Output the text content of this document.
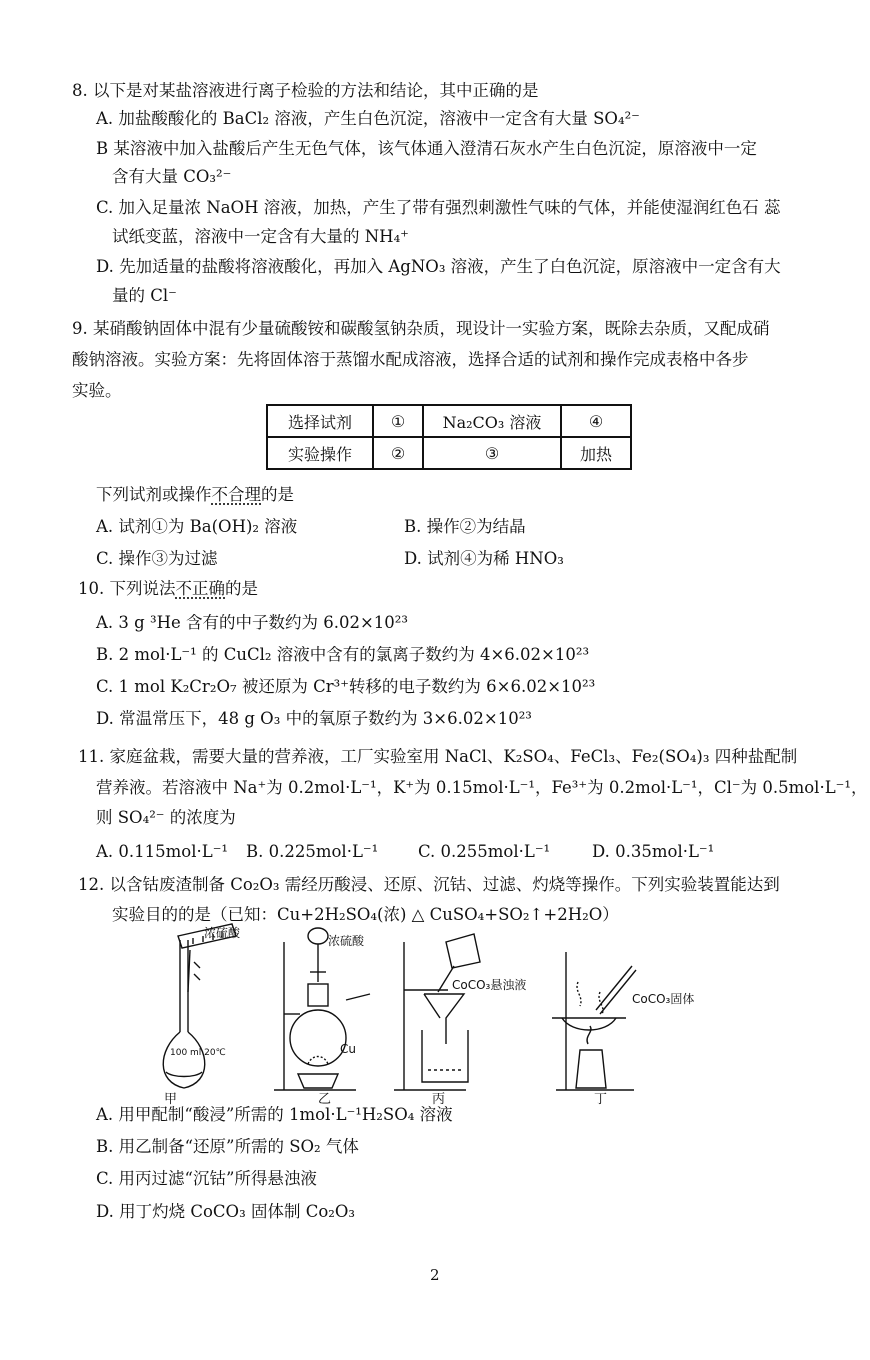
8. 以下是对某盐溶液进行离子检验的方法和结论，其中正确的是
A. 加盐酸酸化的 BaCl₂ 溶液，产生白色沉淀，溶液中一定含有大量 SO₄²⁻
B 某溶液中加入盐酸后产生无色气体，该气体通入澄清石灰水产生白色沉淀，原溶液中一定
含有大量 CO₃²⁻
C. 加入足量浓 NaOH 溶液，加热，产生了带有强烈刺激性气味的气体，并能使湿润红色石 蕊
试纸变蓝，溶液中一定含有大量的 NH₄⁺
D. 先加适量的盐酸将溶液酸化，再加入 AgNO₃ 溶液，产生了白色沉淀，原溶液中一定含有大
量的 Cl⁻
9. 某硝酸钠固体中混有少量硫酸铵和碳酸氢钠杂质，现设计一实验方案，既除去杂质，又配成硝
酸钠溶液。实验方案：先将固体溶于蒸馏水配成溶液，选择合适的试剂和操作完成表格中各步
实验。
选择试剂	①	Na₂CO₃ 溶液	④
实验操作	②	③	加热
下列试剂或操作不合理的是
A. 试剂①为 Ba(OH)₂ 溶液	B. 操作②为结晶
C. 操作③为过滤	D. 试剂④为稀 HNO₃
10. 下列说法不正确的是
A. 3 g ³He 含有的中子数约为 6.02×10²³
B. 2 mol·L⁻¹ 的 CuCl₂ 溶液中含有的氯离子数约为 4×6.02×10²³
C. 1 mol K₂Cr₂O₇ 被还原为 Cr³⁺转移的电子数约为 6×6.02×10²³
D. 常温常压下，48 g O₃ 中的氧原子数约为 3×6.02×10²³
11. 家庭盆栽，需要大量的营养液，工厂实验室用 NaCl、K₂SO₄、FeCl₃、Fe₂(SO₄)₃ 四种盐配制
营养液。若溶液中 Na⁺为 0.2mol·L⁻¹，K⁺为 0.15mol·L⁻¹，Fe³⁺为 0.2mol·L⁻¹，Cl⁻为 0.5mol·L⁻¹，
则 SO₄²⁻ 的浓度为
A. 0.115mol·L⁻¹ B. 0.225mol·L⁻¹ C. 0.255mol·L⁻¹	D. 0.35mol·L⁻¹
12. 以含钴废渣制备 Co₂O₃ 需经历酸浸、还原、沉钴、过滤、灼烧等操作。下列实验装置能达到
实验目的的是（已知：Cu+2H₂SO₄(浓) △ CuSO₄+SO₂↑+2H₂O）
浓硫酸
100 ml 20℃
浓硫酸
Cu
CoCO₃悬浊液
CoCO₃固体
甲	乙	丙	丁
A. 用甲配制“酸浸”所需的 1mol·L⁻¹H₂SO₄ 溶液
B. 用乙制备“还原”所需的 SO₂ 气体
C. 用丙过滤“沉钴”所得悬浊液
D. 用丁灼烧 CoCO₃ 固体制 Co₂O₃
2
